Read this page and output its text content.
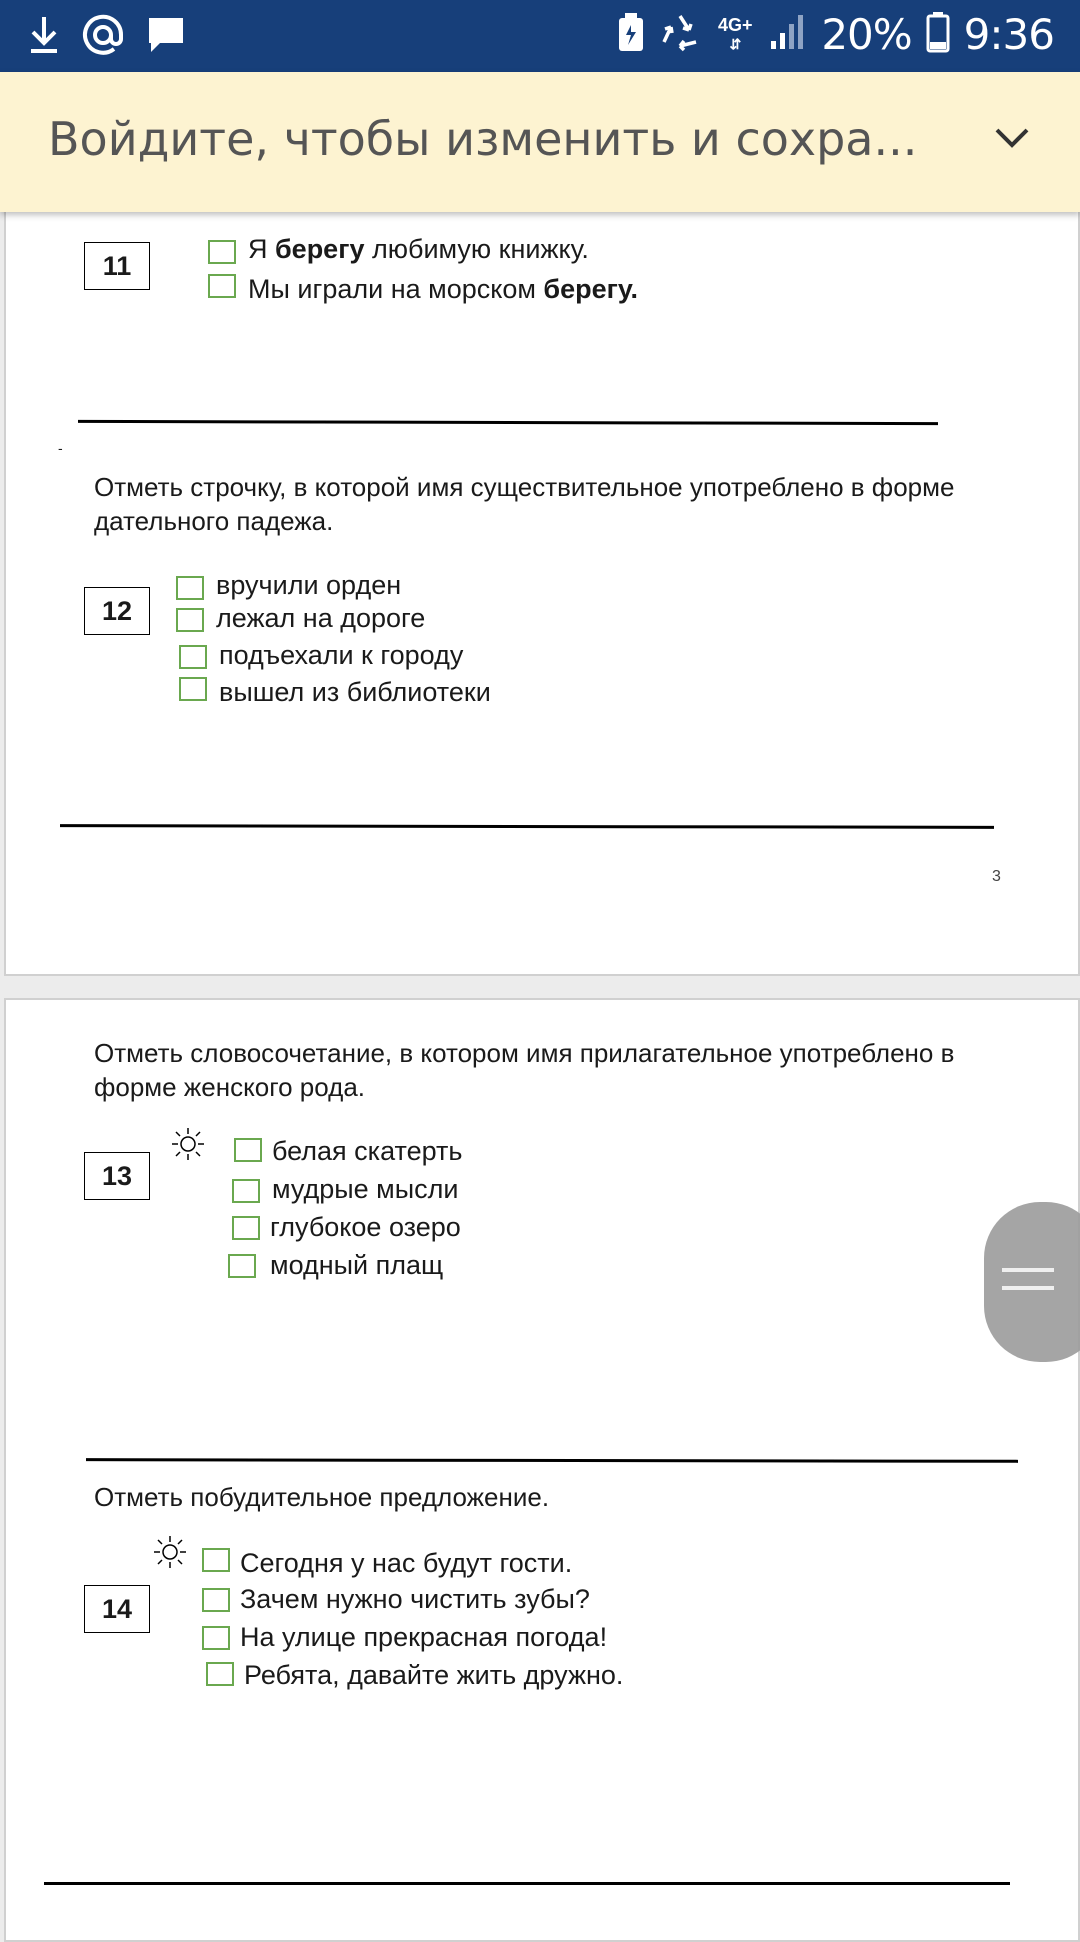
4G+
⇵	20% 9:36
Войдите, чтобы изменить и сохра...
11
Я берегу любимую книжку.
Мы играли на морском берегу.
-
Отметь строчку, в которой имя существительное употреблено в форме дательного падежа.
12
вручили орден
лежал на дороге
подъехали к городу
вышел из библиотеки
3
Отметь словосочетание, в котором имя прилагательное употреблено в форме женского рода.
13
белая скатерть
мудрые мысли
глубокое озеро
модный плащ
Отметь побудительное предложение.
14
Сегодня у нас будут гости.
Зачем нужно чистить зубы?
На улице прекрасная погода!
Ребята, давайте жить дружно.
